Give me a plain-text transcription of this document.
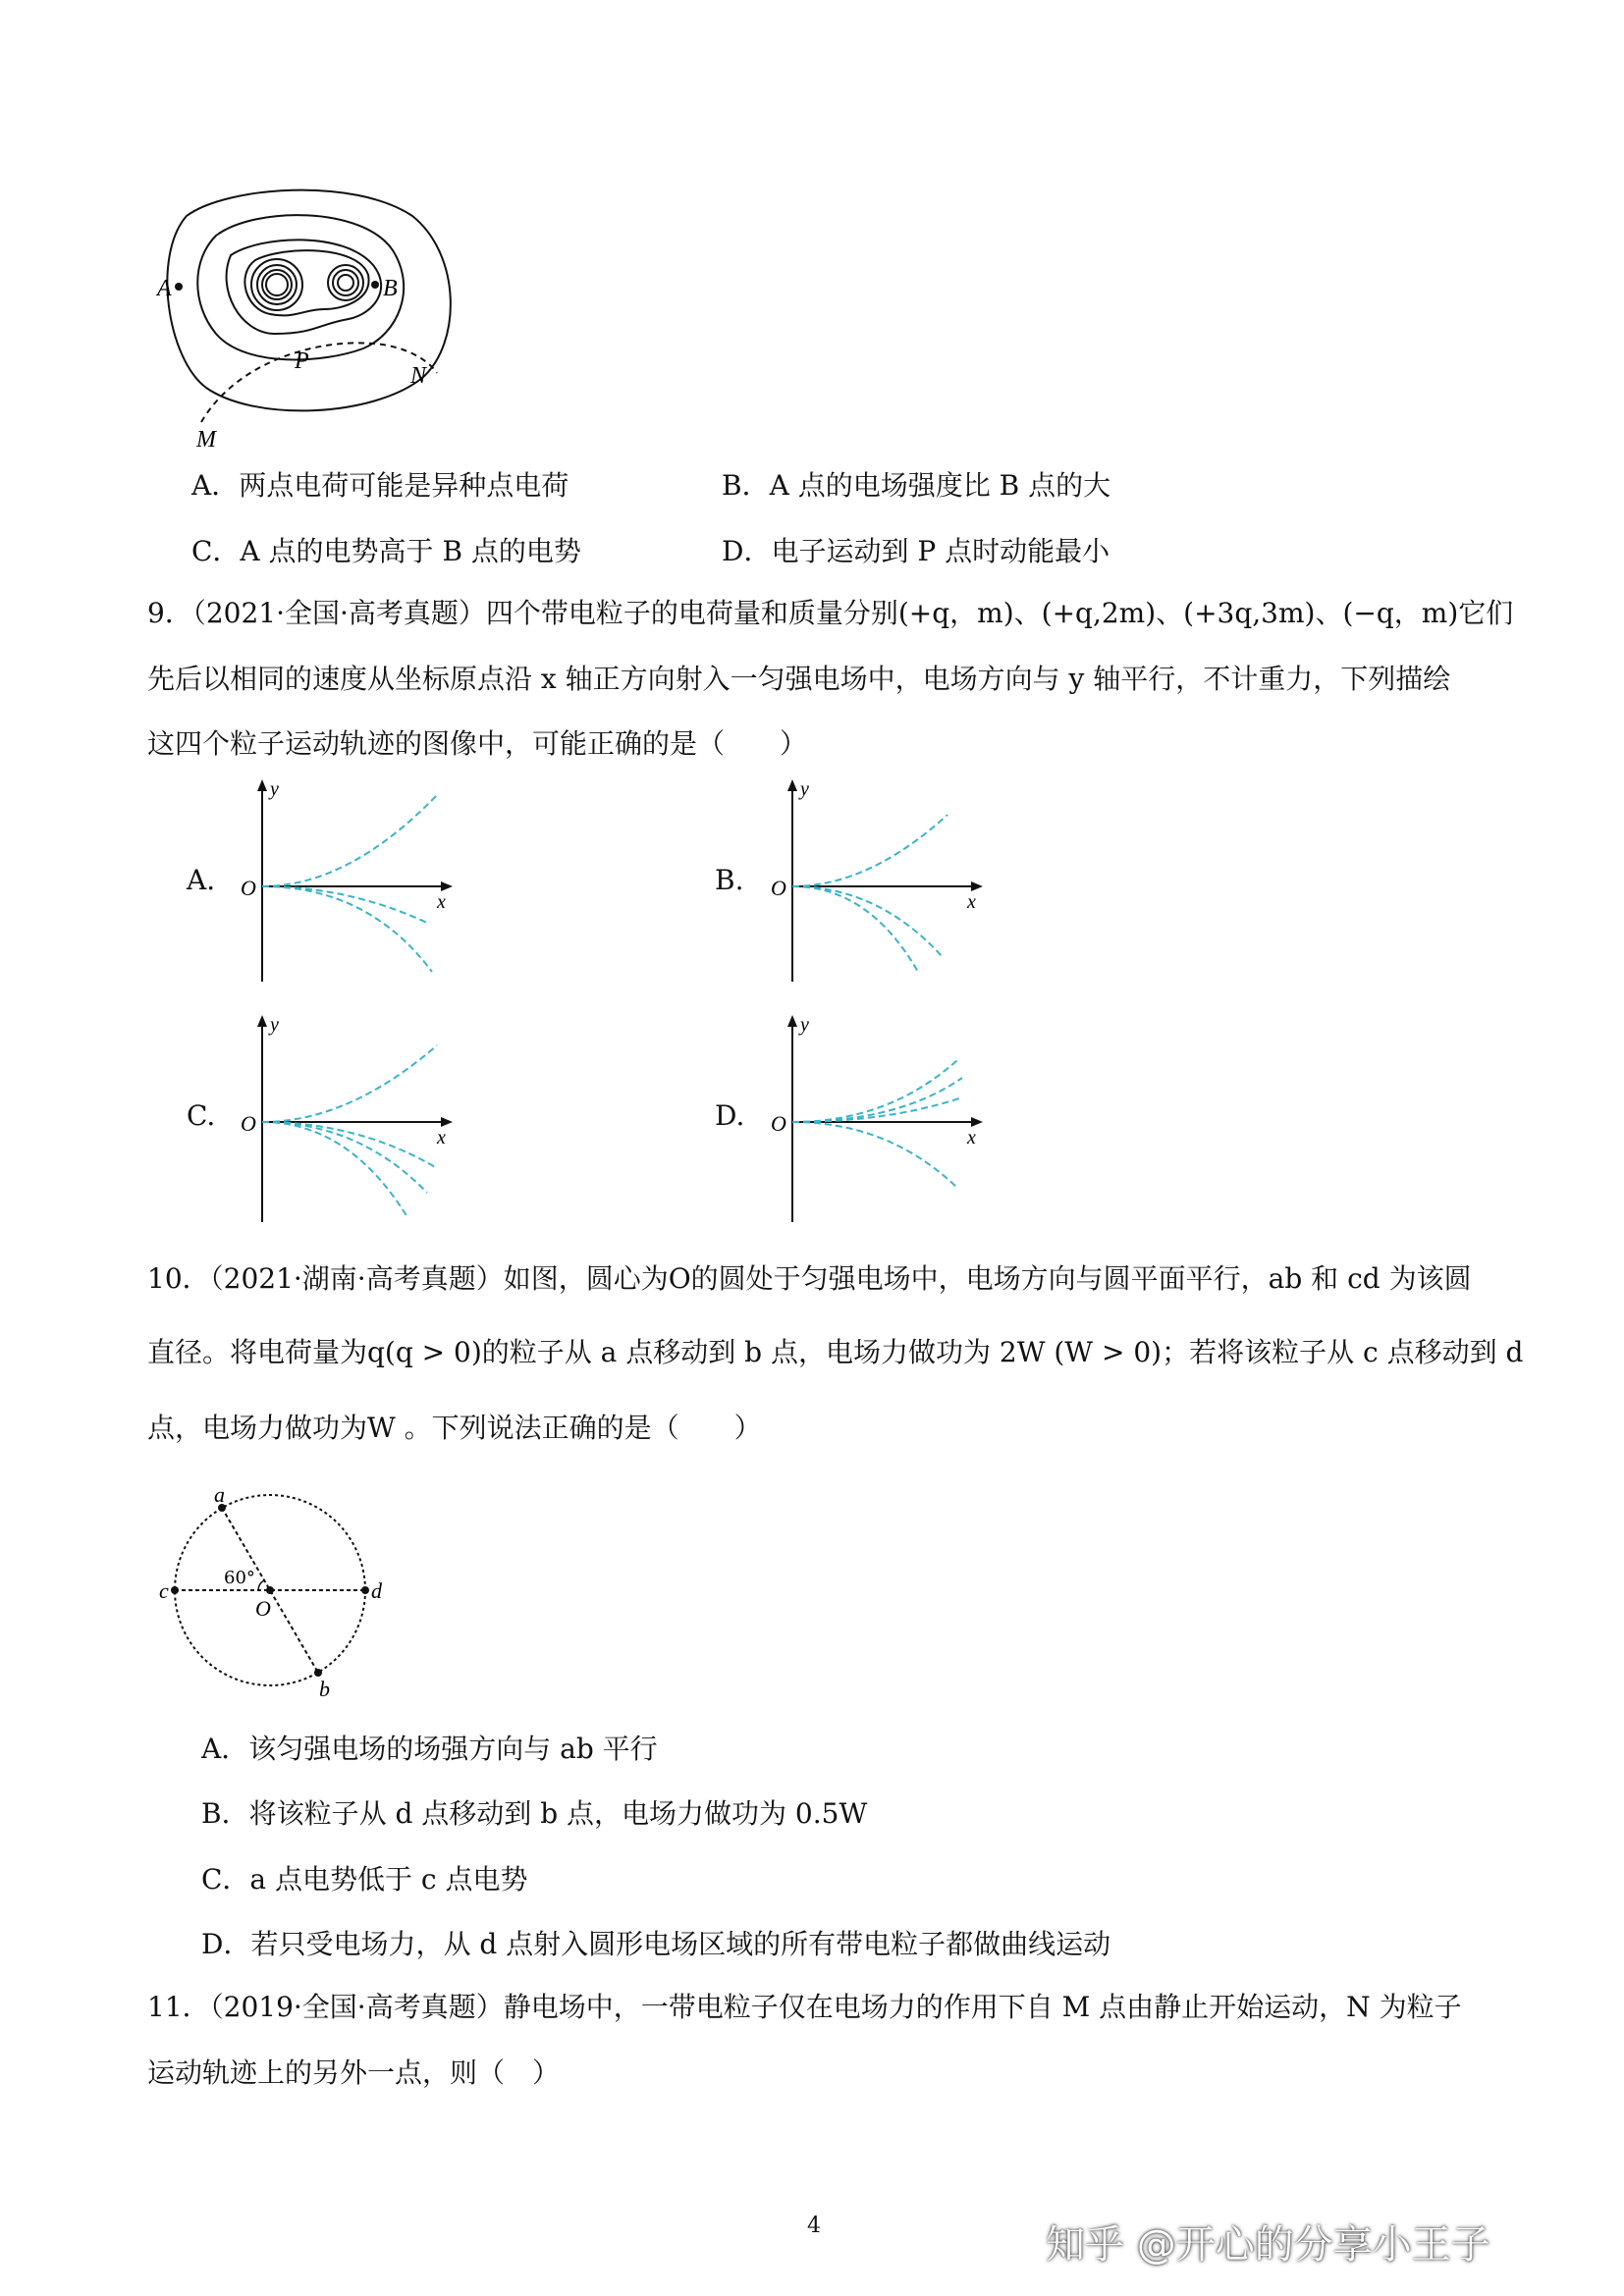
A	B
P
N
M
A．两点电荷可能是异种点电荷	B．A 点的电场强度比 B 点的大
C．A 点的电势高于 B 点的电势	D．电子运动到 P 点时动能最小
9．（2021·全国·高考真题）四个带电粒子的电荷量和质量分别(+q，m)、(+q,2m)、(+3q,3m)、(−q，m)它们
先后以相同的速度从坐标原点沿 x 轴正方向射入一匀强电场中，电场方向与 y 轴平行，不计重力，下列描绘
这四个粒子运动轨迹的图像中，可能正确的是（　　）
A.
y
x
O	B.
y
x
O
C.
y
x
O	D.
y
x
O
10．（2021·湖南·高考真题）如图，圆心为O的圆处于匀强电场中，电场方向与圆平面平行，ab 和 cd 为该圆
直径。将电荷量为q(q > 0)的粒子从 a 点移动到 b 点，电场力做功为 2W (W > 0)；若将该粒子从 c 点移动到 d
点，电场力做功为W 。下列说法正确的是（　　）
a
b
c	d
O
60°
A．该匀强电场的场强方向与 ab 平行
B．将该粒子从 d 点移动到 b 点，电场力做功为 0.5W
C．a 点电势低于 c 点电势
D．若只受电场力，从 d 点射入圆形电场区域的所有带电粒子都做曲线运动
11．（2019·全国·高考真题）静电场中，一带电粒子仅在电场力的作用下自 M 点由静止开始运动，N 为粒子
运动轨迹上的另外一点，则（　）
4	知乎 @开心的分享小王子
